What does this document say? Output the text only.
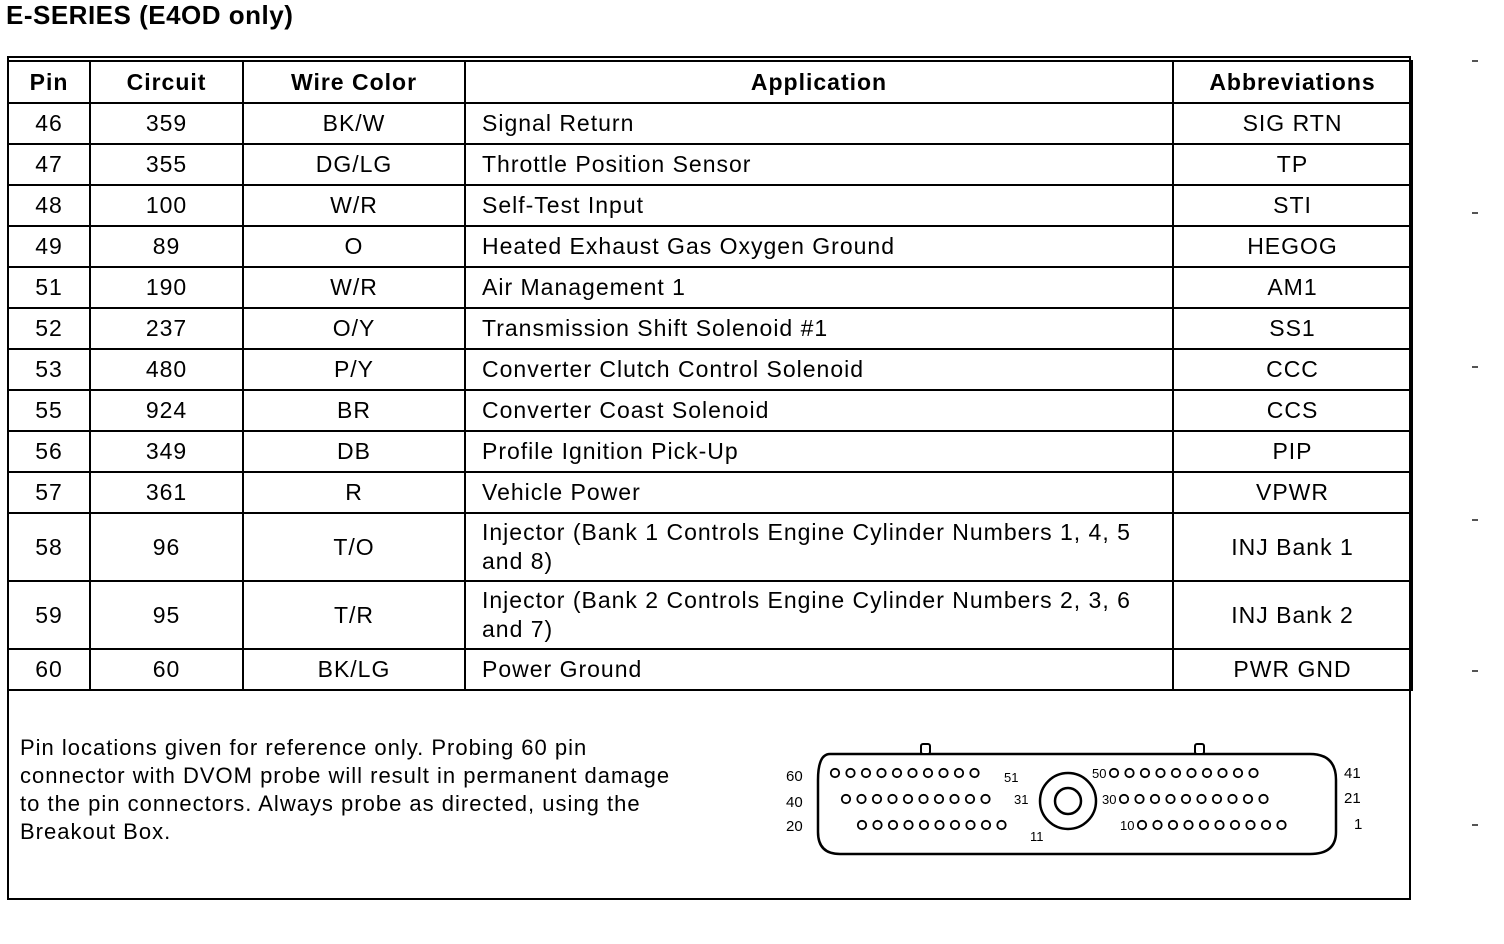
E-SERIES (E4OD only)
Pin	Circuit	Wire Color	Application	Abbreviations
46	359	BK/W	Signal Return	SIG RTN
47	355	DG/LG	Throttle Position Sensor	TP
48	100	W/R	Self-Test Input	STI
49	89	O	Heated Exhaust Gas Oxygen Ground	HEGOG
51	190	W/R	Air Management 1	AM1
52	237	O/Y	Transmission Shift Solenoid #1	SS1
53	480	P/Y	Converter Clutch Control Solenoid	CCC
55	924	BR	Converter Coast Solenoid	CCS
56	349	DB	Profile Ignition Pick-Up	PIP
57	361	R	Vehicle Power	VPWR
58	96	T/O	Injector (Bank 1 Controls Engine Cylinder Numbers 1, 4, 5 and 8)	INJ Bank 1
59	95	T/R	Injector (Bank 2 Controls Engine Cylinder Numbers 2, 3, 6 and 7)	INJ Bank 2
60	60	BK/LG	Power Ground	PWR GND
Pin locations given for reference only. Probing 60 pin
connector with DVOM probe will result in permanent damage
to the pin connectors. Always probe as directed, using the
Breakout Box.
60
40
20
41
21
1
51
31
11
50
30
10
